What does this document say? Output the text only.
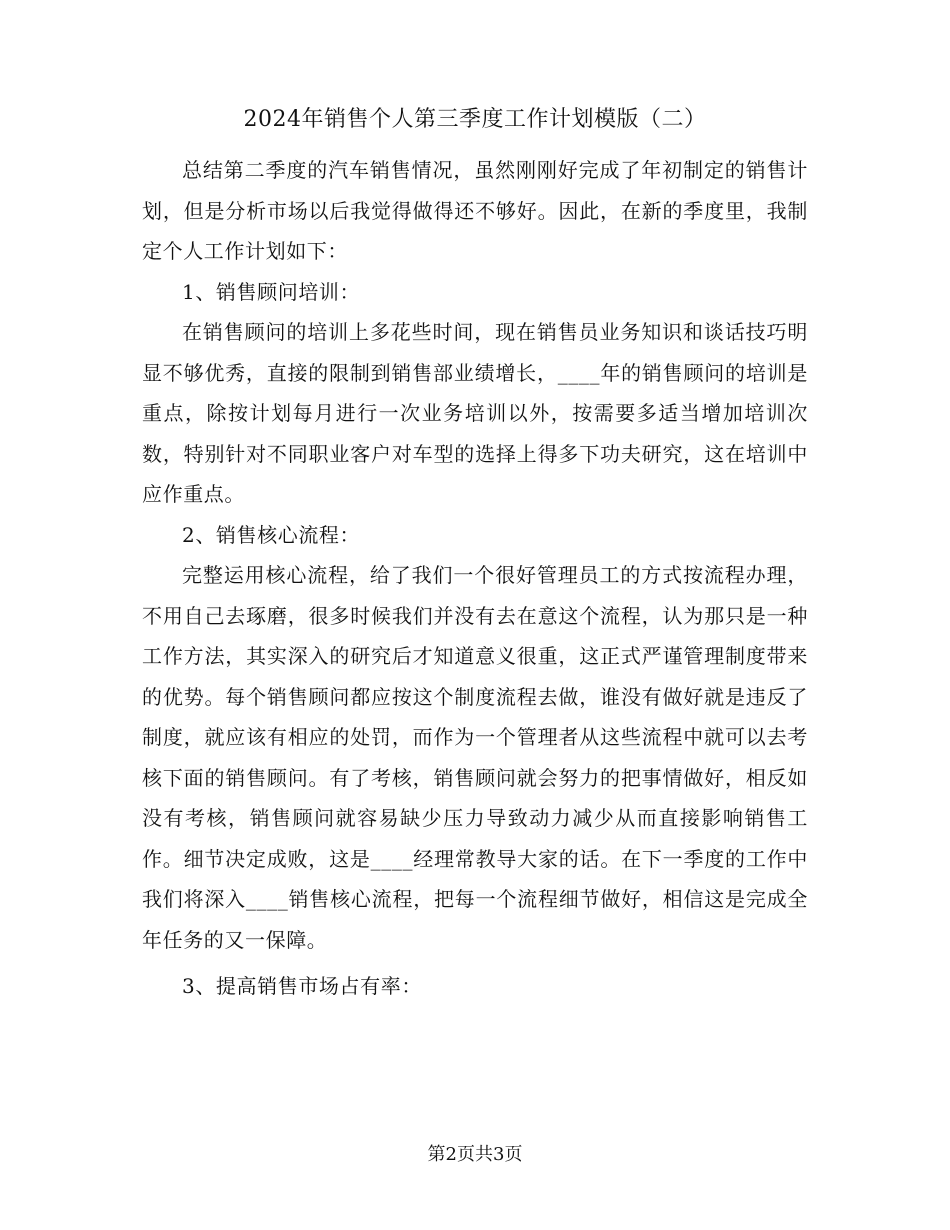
2024年销售个人第三季度工作计划模版（二）

总结第二季度的汽车销售情况，虽然刚刚好完成了年初制定的销售计划，但是分析市场以后我觉得做得还不够好。因此，在新的季度里，我制定个人工作计划如下：

1、销售顾问培训：

在销售顾问的培训上多花些时间，现在销售员业务知识和谈话技巧明显不够优秀，直接的限制到销售部业绩增长，____年的销售顾问的培训是重点，除按计划每月进行一次业务培训以外，按需要多适当增加培训次数，特别针对不同职业客户对车型的选择上得多下功夫研究，这在培训中应作重点。

2、销售核心流程：

完整运用核心流程，给了我们一个很好管理员工的方式按流程办理，不用自己去琢磨，很多时候我们并没有去在意这个流程，认为那只是一种工作方法，其实深入的研究后才知道意义很重，这正式严谨管理制度带来的优势。每个销售顾问都应按这个制度流程去做，谁没有做好就是违反了制度，就应该有相应的处罚，而作为一个管理者从这些流程中就可以去考核下面的销售顾问。有了考核，销售顾问就会努力的把事情做好，相反如没有考核，销售顾问就容易缺少压力导致动力减少从而直接影响销售工作。细节决定成败，这是____经理常教导大家的话。在下一季度的工作中我们将深入____销售核心流程，把每一个流程细节做好，相信这是完成全年任务的又一保障。

3、提高销售市场占有率：

第2页共3页
